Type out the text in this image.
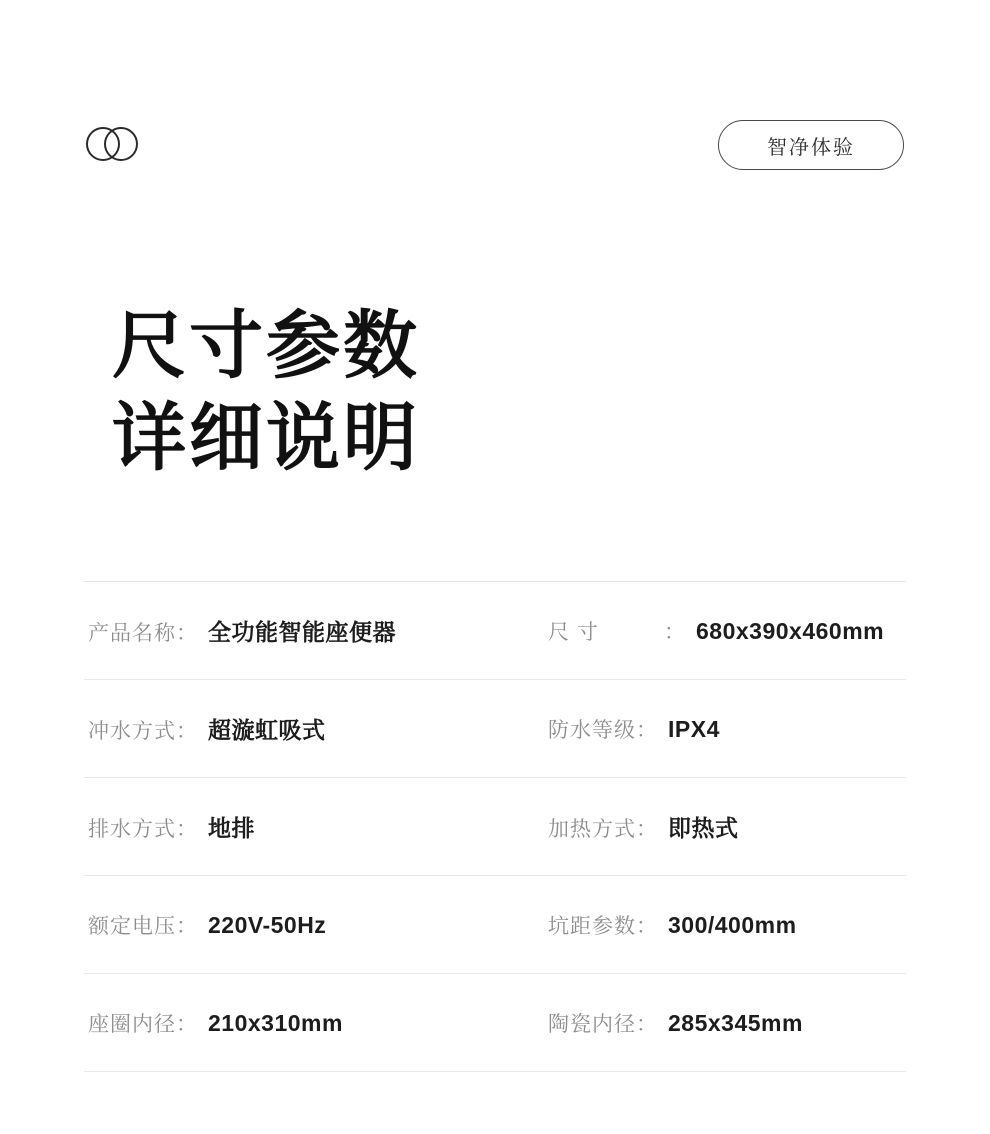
智净体验
尺寸参数
详细说明
产品名称 ： 全功能智能座便器	尺 寸	： 680x390x460mm
冲水方式 ： 超漩虹吸式	防水等级 ： IPX4
排水方式 ： 地排	加热方式 ： 即热式
额定电压 ： 220V-50Hz	坑距参数 ： 300/400mm
座圈内径 ： 210x310mm	陶瓷内径 ： 285x345mm
